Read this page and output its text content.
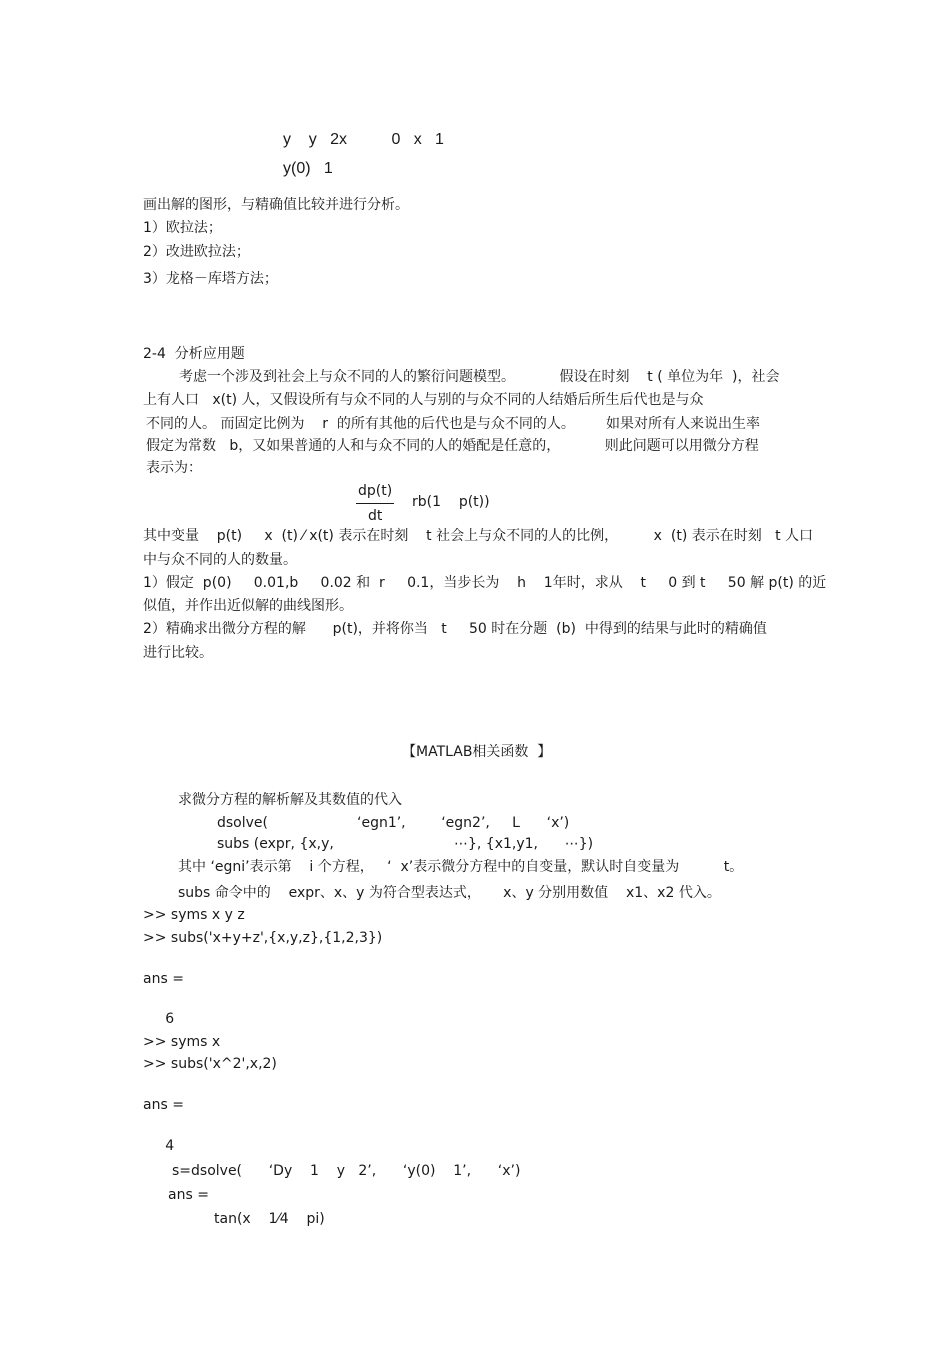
y    y   2x          0   x   1
y(0)   1
画出解的图形，与精确值比较并进行分析。
1）欧拉法；
2）改进欧拉法；
3）龙格－库塔方法；
2-4  分析应用题
考虑一个涉及到社会上与众不同的人的繁衍问题模型。          假设在时刻    t ( 单位为年  )，社会
上有人口   x(t) 人，又假设所有与众不同的人与别的与众不同的人结婚后所生后代也是与众
不同的人。 而固定比例为    r  的所有其他的后代也是与众不同的人。       如果对所有人来说出生率
假定为常数   b，又如果普通的人和与众不同的人的婚配是任意的，          则此问题可以用微分方程
表示为：
dp(t)
dt
rb(1    p(t))
其中变量    p(t)     x  (t) ⁄ x(t) 表示在时刻    t 社会上与众不同的人的比例，        x  (t) 表示在时刻   t 人口
中与众不同的人的数量。
1）假定  p(0)     0.01,b     0.02 和  r     0.1，当步长为    h    1年时，求从    t     0 到 t     50 解 p(t) 的近
似值，并作出近似解的曲线图形。
2）精确求出微分方程的解      p(t)，并将你当   t     50 时在分题  (b)  中得到的结果与此时的精确值
进行比较。
【MATLAB相关函数  】
求微分方程的解析解及其数值的代入
dsolve(                    ‘egn1’,        ‘egn2’,     L      ‘x’)
subs (expr, {x,y,                           ⋯}, {x1,y1,      ⋯})
其中 ‘egni’表示第    i 个方程，   ‘  x’表示微分方程中的自变量，默认时自变量为          t。
subs 命令中的    expr、x、y 为符合型表达式，     x、y 分别用数值    x1、x2 代入。
>> syms x y z
>> subs('x+y+z',{x,y,z},{1,2,3})
ans =
6
>> syms x
>> subs('x^2',x,2)
ans =
4
s=dsolve(      ‘Dy    1    y   2’,      ‘y(0)    1’,      ‘x’)
ans =
tan(x    1⁄4    pi)
